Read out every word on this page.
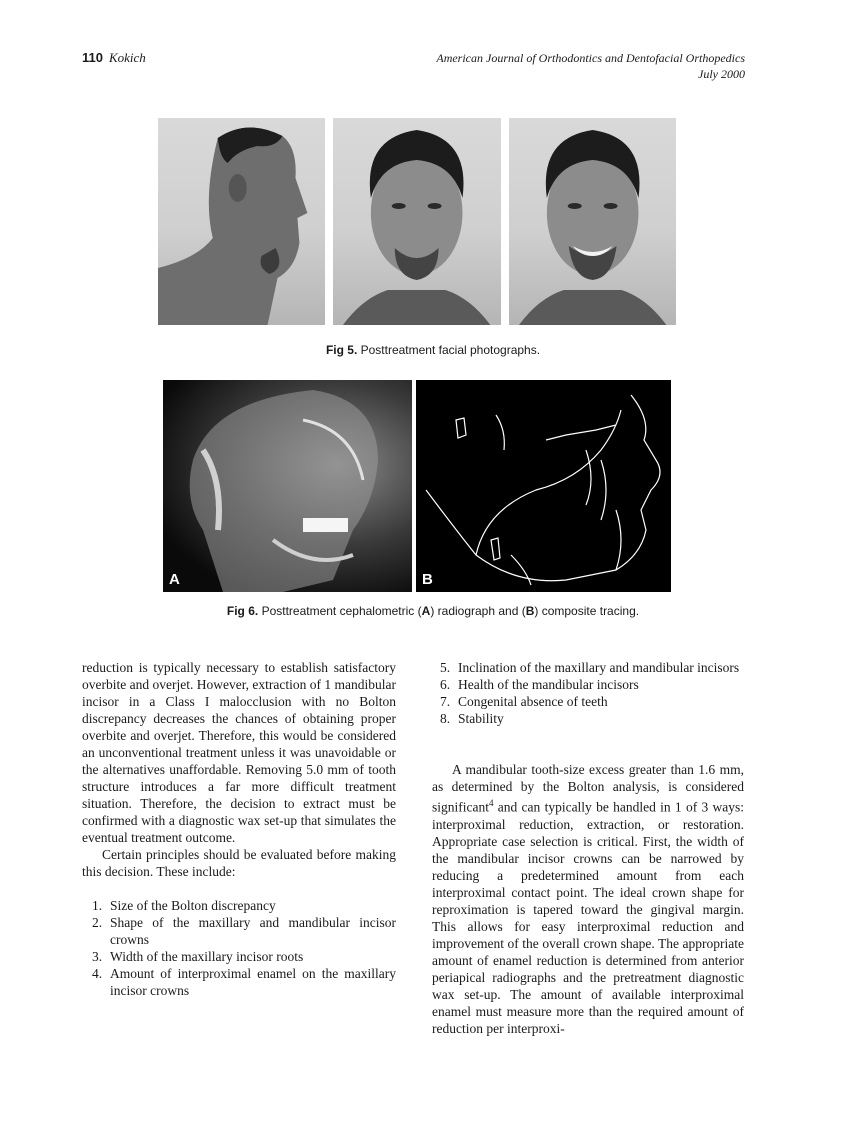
110 Kokich	American Journal of Orthodontics and Dentofacial Orthopedics
July 2000
Fig 5. Posttreatment facial photographs.
A	B
Fig 6. Posttreatment cephalometric (A) radiograph and (B) composite tracing.

reduction is typically necessary to establish satisfactory overbite and overjet. However, extraction of 1 mandibular incisor in a Class I malocclusion with no Bolton discrepancy decreases the chances of obtaining proper overbite and overjet. Therefore, this would be considered an unconventional treatment unless it was unavoidable or the alternatives unaffordable. Removing 5.0 mm of tooth structure introduces a far more difficult treatment situation. Therefore, the decision to extract must be confirmed with a diagnostic wax set-up that simulates the eventual treatment outcome.

Certain principles should be evaluated before making this decision. These include:

1. Size of the Bolton discrepancy
2. Shape of the maxillary and mandibular incisor crowns
3. Width of the maxillary incisor roots
4. Amount of interproximal enamel on the maxillary incisor crowns
5. Inclination of the maxillary and mandibular incisors
6. Health of the mandibular incisors
7. Congenital absence of teeth
8. Stability

A mandibular tooth-size excess greater than 1.6 mm, as determined by the Bolton analysis, is considered significant$^4$ and can typically be handled in 1 of 3 ways: interproximal reduction, extraction, or restoration. Appropriate case selection is critical. First, the width of the mandibular incisor crowns can be narrowed by reducing a predetermined amount from each interproximal contact point. The ideal crown shape for reproximation is tapered toward the gingival margin. This allows for easy interproximal reduction and improvement of the overall crown shape. The appropriate amount of enamel reduction is determined from anterior periapical radiographs and the pretreatment diagnostic wax set-up. The amount of available interproximal enamel must measure more than the required amount of reduction per interproxi-
